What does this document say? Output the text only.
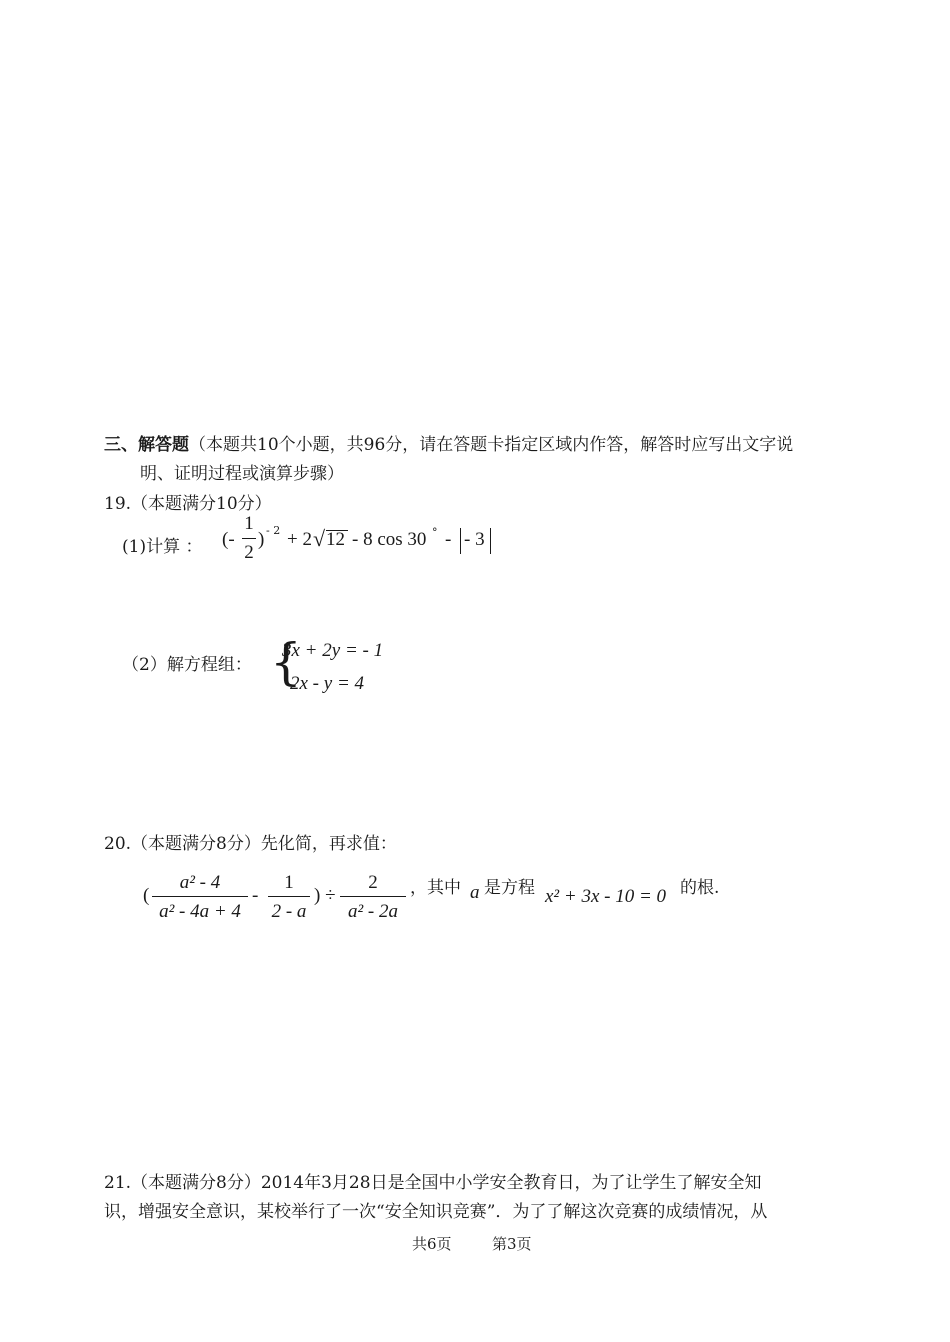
三、解答题（本题共10个小题，共96分，请在答题卡指定区域内作答，解答时应写出文字说
明、证明过程或演算步骤）
19.（本题满分10分）
(1)计算 ： (-
1
2
) - 2 + 2 √ 12 - 8 cos 30 ° - - 3
（2）解方程组： {
3x + 2y = - 1
2x - y = 4
20.（本题满分8分）先化简，再求值：
(
a² - 4
a² - 4a + 4
-
1
2 - a
) ÷
2
a² - 2a
，其中 a 是方程 x² + 3x - 10 = 0 的根.
21.（本题满分8分）2014年3月28日是全国中小学安全教育日，为了让学生了解安全知
识，增强安全意识，某校举行了一次“安全知识竞赛”．为了了解这次竞赛的成绩情况，从
共6页	第3页
